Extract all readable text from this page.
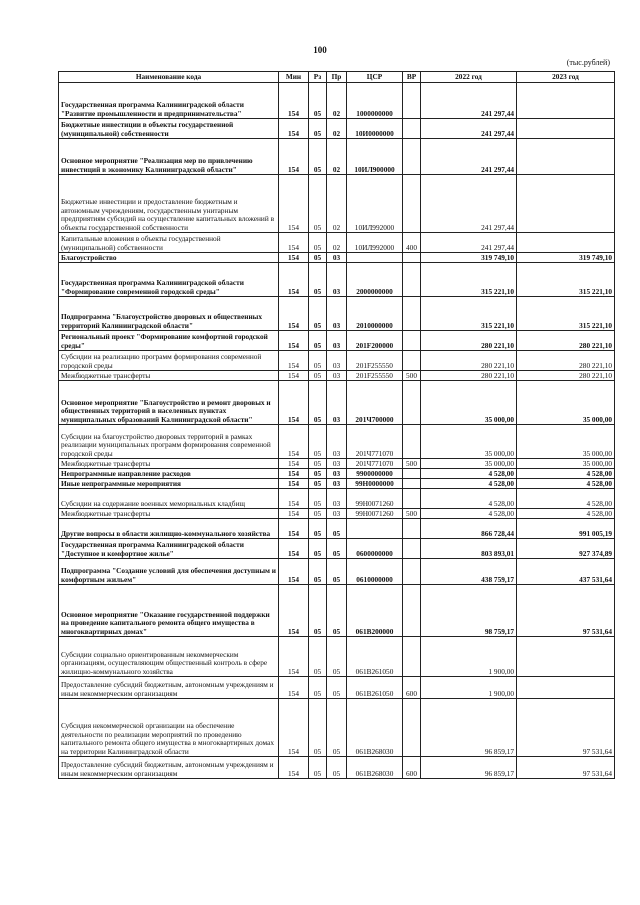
100
(тыс.рублей)
Наименование кода	Мин	Рз	Пр	ЦСР	ВР	2022 год	2023 год
Государственная программа Калининградской области "Развитие промышленности и предпринимательства"	154	05	02	1000000000		241 297,44	
Бюджетные инвестиции в объекты государственной (муниципальной) собственности	154	05	02	10И0000000		241 297,44	
Основное мероприятие "Реализация мер по привлечению инвестиций в экономику Калининградской области"	154	05	02	10ИЛ900000		241 297,44	
Бюджетные инвестиции и предоставление бюджетным и автономным учреждениям, государственным унитарным предприятиям субсидий на осуществление капитальных вложений в объекты государственной собственности	154	05	02	10ИЛ992000		241 297,44	
Капитальные вложения в объекты государственной (муниципальной) собственности	154	05	02	10ИЛ992000	400	241 297,44	
Благоустройство	154	05	03			319 749,10	319 749,10
Государственная программа Калининградской области "Формирование современной городской среды"	154	05	03	2000000000		315 221,10	315 221,10
Подпрограмма "Благоустройство дворовых и общественных территорий Калининградской области"	154	05	03	2010000000		315 221,10	315 221,10
Региональный проект "Формирование комфортной городской среды"	154	05	03	201F200000		280 221,10	280 221,10
Субсидии на реализацию программ формирования современной городской среды	154	05	03	201F255550		280 221,10	280 221,10
Межбюджетные трансферты	154	05	03	201F255550	500	280 221,10	280 221,10
Основное мероприятие "Благоустройство и ремонт дворовых и общественных территорий в населенных пунктах муниципальных образований Калининградской области"	154	05	03	201Ч700000		35 000,00	35 000,00
Субсидии на благоустройство дворовых территорий в рамках реализации муниципальных программ формирования современной городской среды	154	05	03	201Ч771070		35 000,00	35 000,00
Межбюджетные трансферты	154	05	03	201Ч771070	500	35 000,00	35 000,00
Непрограммные направление расходов	154	05	03	9900000000		4 528,00	4 528,00
Иные непрограммные мероприятия	154	05	03	99Н0000000		4 528,00	4 528,00
Субсидии на содержание военных мемориальных кладбищ	154	05	03	99Н0071260		4 528,00	4 528,00
Межбюджетные трансферты	154	05	03	99Н0071260	500	4 528,00	4 528,00
Другие вопросы в области жилищно-коммунального хозяйства	154	05	05			866 728,44	991 005,19
Государственная программа Калининградской области "Доступное и комфортное жилье"	154	05	05	0600000000		803 893,01	927 374,89
Подпрограмма "Создание условий для обеспечения доступным и комфортным жильем"	154	05	05	0610000000		438 759,17	437 531,64
Основное мероприятие "Оказание государственной поддержки на проведение капитального ремонта общего имущества в многоквартирных домах"	154	05	05	061В200000		98 759,17	97 531,64
Субсидии социально ориентированным некоммерческим организациям, осуществляющим общественный контроль в сфере жилищно-коммунального хозяйства	154	05	05	061В261050		1 900,00	
Предоставление субсидий бюджетным, автономным учреждениям и иным некоммерческим организациям	154	05	05	061В261050	600	1 900,00	
Субсидия некоммерческой организации на обеспечение деятельности по реализации мероприятий по проведению капитального ремонта общего имущества в многоквартирных домах на территории Калининградской области	154	05	05	061В268030		96 859,17	97 531,64
Предоставление субсидий бюджетным, автономным учреждениям и иным некоммерческим организациям	154	05	05	061В268030	600	96 859,17	97 531,64
